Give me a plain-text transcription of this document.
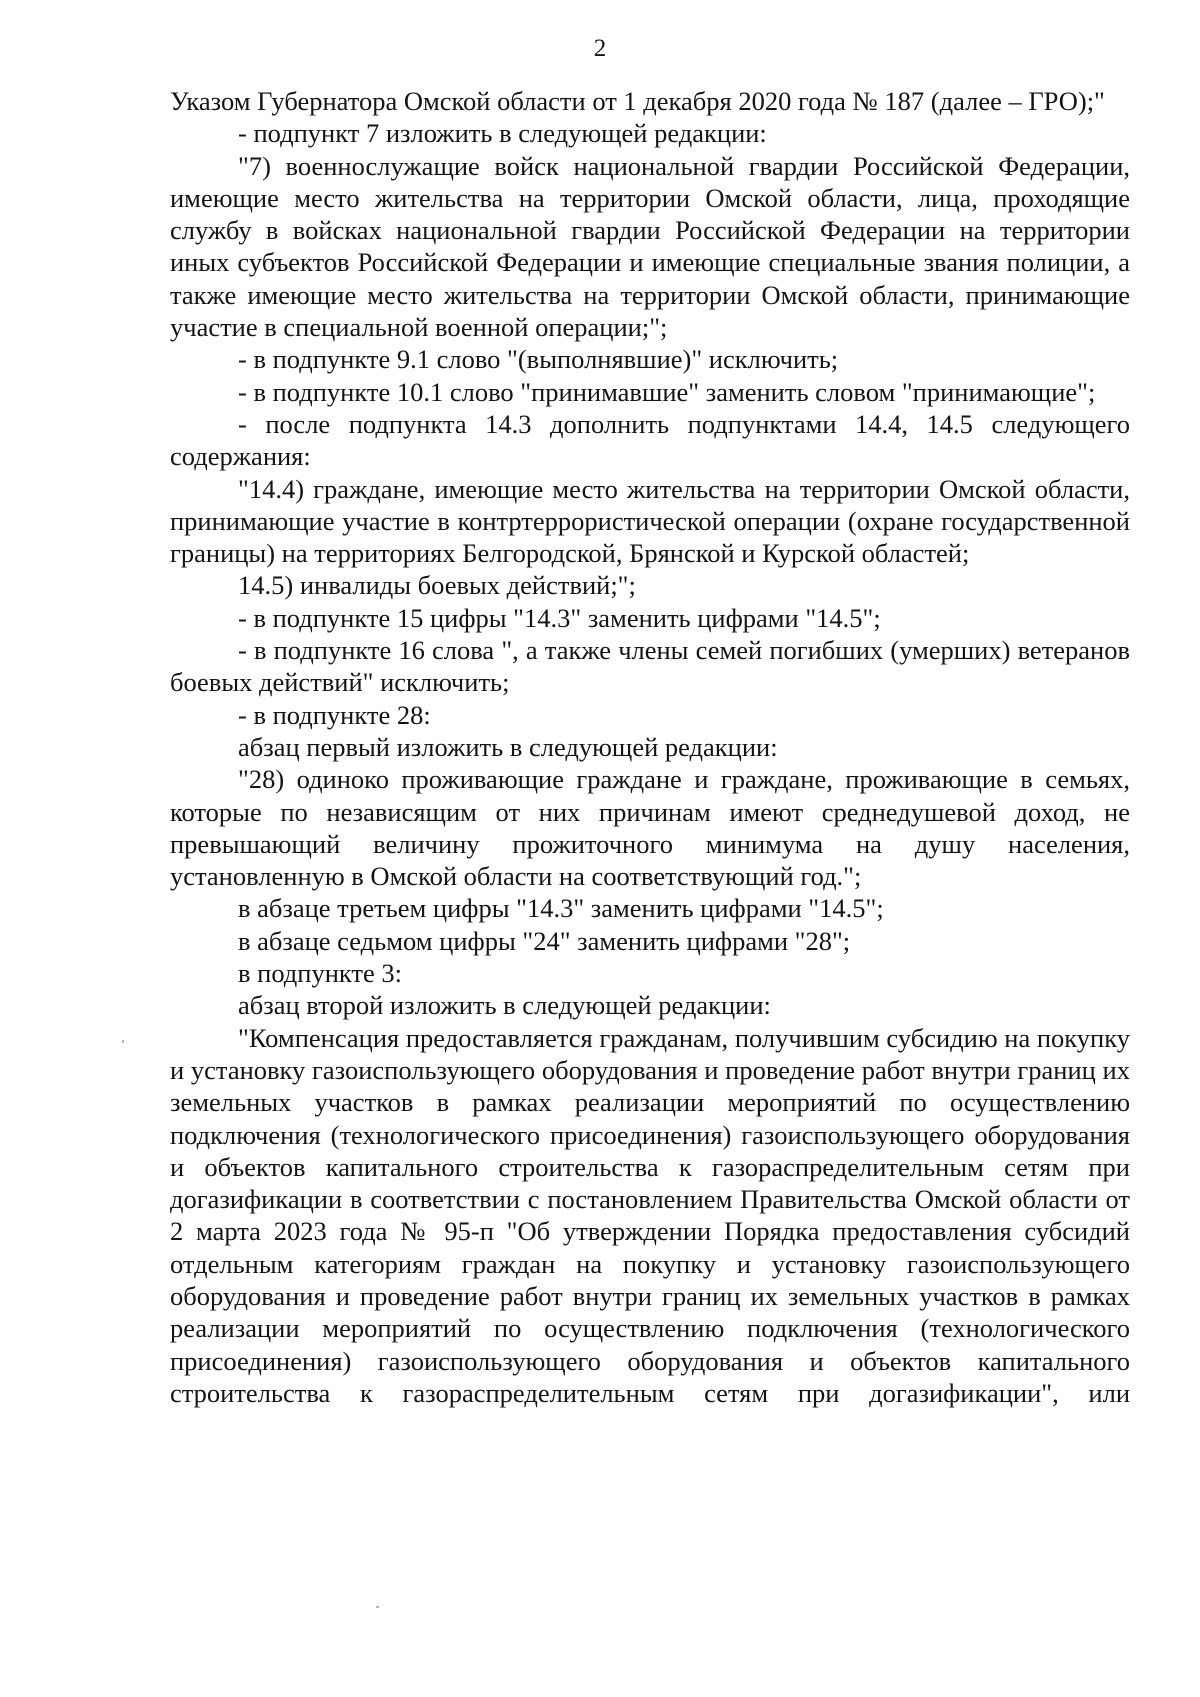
2

Указом Губернатора Омской области от 1 декабря 2020 года № 187 (далее – ГРО);"

- подпункт 7 изложить в следующей редакции:

"7) военнослужащие войск национальной гвардии Российской Федерации, имеющие место жительства на территории Омской области, лица, проходящие службу в войсках национальной гвардии Российской Федерации на территории иных субъектов Российской Федерации и имеющие специальные звания полиции, а также имеющие место жительства на территории Омской области, принимающие участие в специальной военной операции;";

- в подпункте 9.1 слово "(выполнявшие)" исключить;

- в подпункте 10.1 слово "принимавшие" заменить словом "принимающие";

- после подпункта 14.3 дополнить подпунктами 14.4, 14.5 следующего содержания:

"14.4) граждане, имеющие место жительства на территории Омской области, принимающие участие в контртеррористической операции (охране государственной границы) на территориях Белгородской, Брянской и Курской областей;

14.5) инвалиды боевых действий;";

- в подпункте 15 цифры "14.3" заменить цифрами "14.5";

- в подпункте 16 слова ", а также члены семей погибших (умерших) ветеранов боевых действий" исключить;

- в подпункте 28:

абзац первый изложить в следующей редакции:

"28) одиноко проживающие граждане и граждане, проживающие в семьях, которые по независящим от них причинам имеют среднедушевой доход, не превышающий величину прожиточного минимума на душу населения, установленную в Омской области на соответствующий год.";

в абзаце третьем цифры "14.3" заменить цифрами "14.5";

в абзаце седьмом цифры "24" заменить цифрами "28";

в подпункте 3:

абзац второй изложить в следующей редакции:

"Компенсация предоставляется гражданам, получившим субсидию на покупку и установку газоиспользующего оборудования и проведение работ внутри границ их земельных участков в рамках реализации мероприятий по осуществлению подключения (технологического присоединения) газоиспользующего оборудования и объектов капитального строительства к газораспределительным сетям при догазификации в соответствии с постановлением Правительства Омской области от 2 марта 2023 года № 95-п "Об утверждении Порядка предоставления субсидий отдельным категориям граждан на покупку и установку газоиспользующего оборудования и проведение работ внутри границ их земельных участков в рамках реализации мероприятий по осуществлению подключения (технологического присоединения) газоиспользующего оборудования и объектов капитального строительства к газораспределительным сетям при догазификации", или
